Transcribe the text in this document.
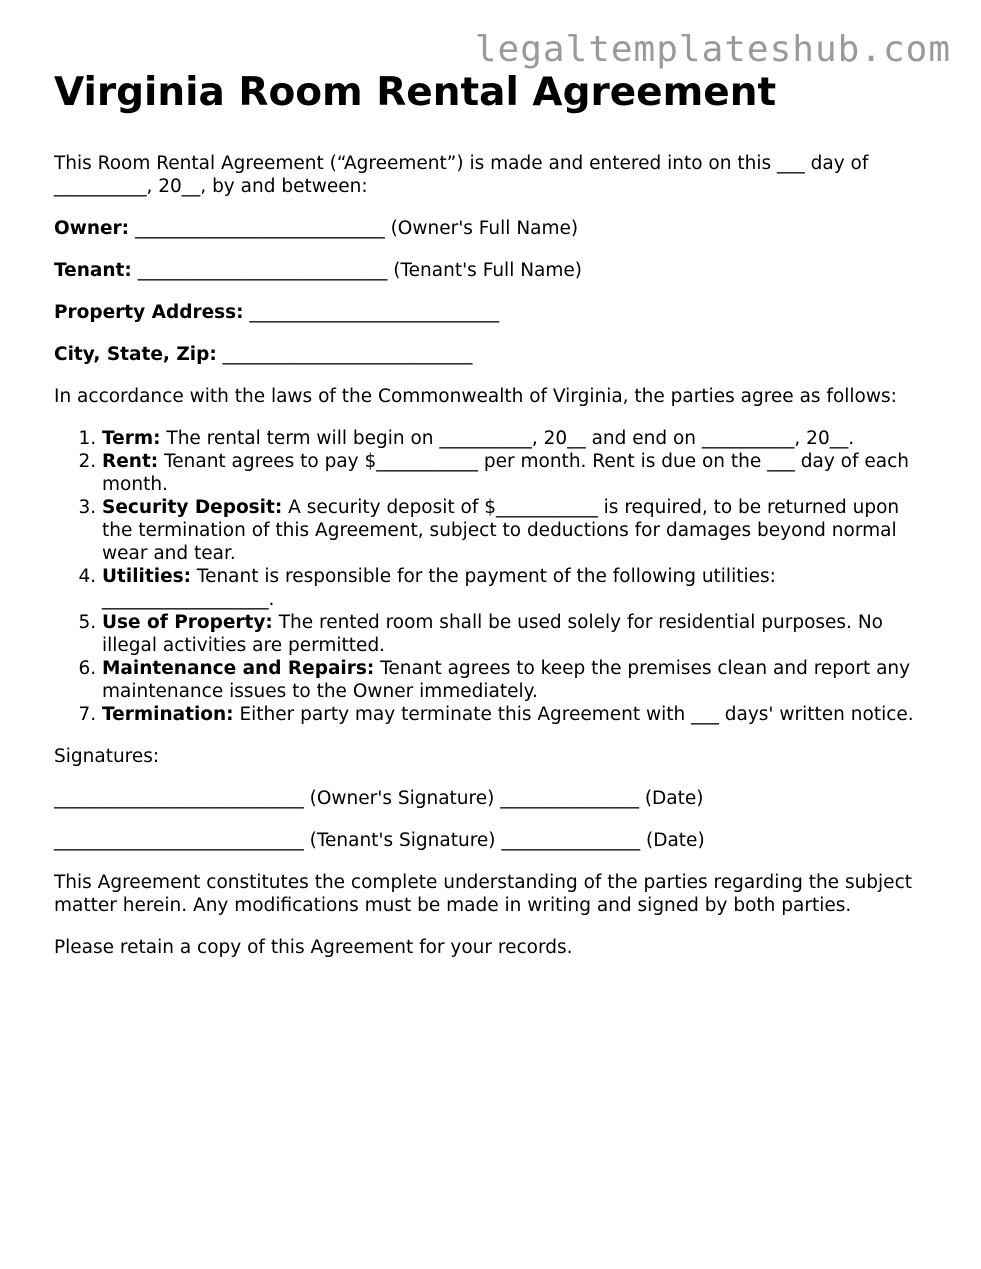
legaltemplateshub.com
Virginia Room Rental Agreement

This Room Rental Agreement (“Agreement”) is made and entered into on this ___ day of __________, 20__, by and between:

Owner: ___________________________ (Owner's Full Name)

Tenant: ___________________________ (Tenant's Full Name)

Property Address: ___________________________

City, State, Zip: ___________________________

In accordance with the laws of the Commonwealth of Virginia, the parties agree as follows:

1. Term: The rental term will begin on __________, 20__ and end on __________, 20__.
2. Rent: Tenant agrees to pay $___________ per month. Rent is due on the ___ day of each month.
3. Security Deposit: A security deposit of $___________ is required, to be returned upon the termination of this Agreement, subject to deductions for damages beyond normal wear and tear.
4. Utilities: Tenant is responsible for the payment of the following utilities: __________________.
5. Use of Property: The rented room shall be used solely for residential purposes. No illegal activities are permitted.
6. Maintenance and Repairs: Tenant agrees to keep the premises clean and report any maintenance issues to the Owner immediately.
7. Termination: Either party may terminate this Agreement with ___ days' written notice.

Signatures:

___________________________ (Owner's Signature) _______________ (Date)

___________________________ (Tenant's Signature) _______________ (Date)

This Agreement constitutes the complete understanding of the parties regarding the subject matter herein. Any modifications must be made in writing and signed by both parties.

Please retain a copy of this Agreement for your records.
